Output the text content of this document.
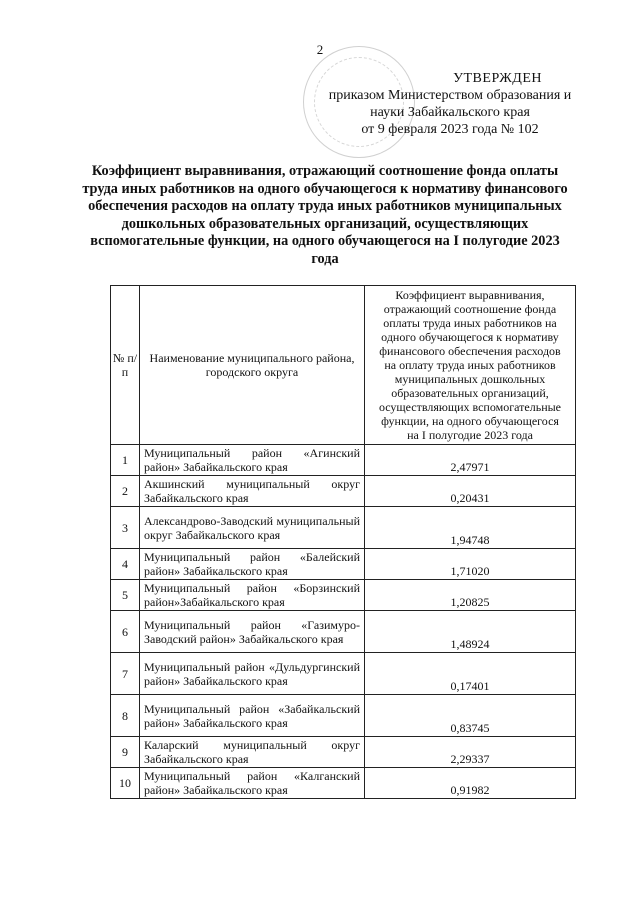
2
УТВЕРЖДЕН
приказом Министерством образования и
науки Забайкальского края
от 9 февраля 2023 года № 102
Коэффициент выравнивания, отражающий соотношение фонда оплаты труда иных работников на одного обучающегося к нормативу финансового обеспечения расходов на оплату труда иных работников муниципальных дошкольных образовательных организаций, осуществляющих вспомогательные функции, на одного обучающегося на I полугодие 2023 года
№ п/п	Наименование муниципального района, городского округа	Коэффициент выравнивания, отражающий соотношение фонда оплаты труда иных работников на одного обучающегося к нормативу финансового обеспечения расходов на оплату труда иных работников муниципальных дошкольных образовательных организаций, осуществляющих вспомогательные функции, на одного обучающегося на I полугодие 2023 года
1	Муниципальный район «Агинский район» Забайкальского края	2,47971
2	Акшинский муниципальный округ Забайкальского края	0,20431
3	Александрово-Заводский муниципальный округ Забайкальского края	1,94748
4	Муниципальный район «Балейский район» Забайкальского края	1,71020
5	Муниципальный район «Борзинский район»Забайкальского края	1,20825
6	Муниципальный район «Газимуро-Заводский район» Забайкальского края	1,48924
7	Муниципальный район «Дульдургинский район» Забайкальского края	0,17401
8	Муниципальный район «Забайкальский район» Забайкальского края	0,83745
9	Каларский муниципальный округ Забайкальского края	2,29337
10	Муниципальный район «Калганский район» Забайкальского края	0,91982
